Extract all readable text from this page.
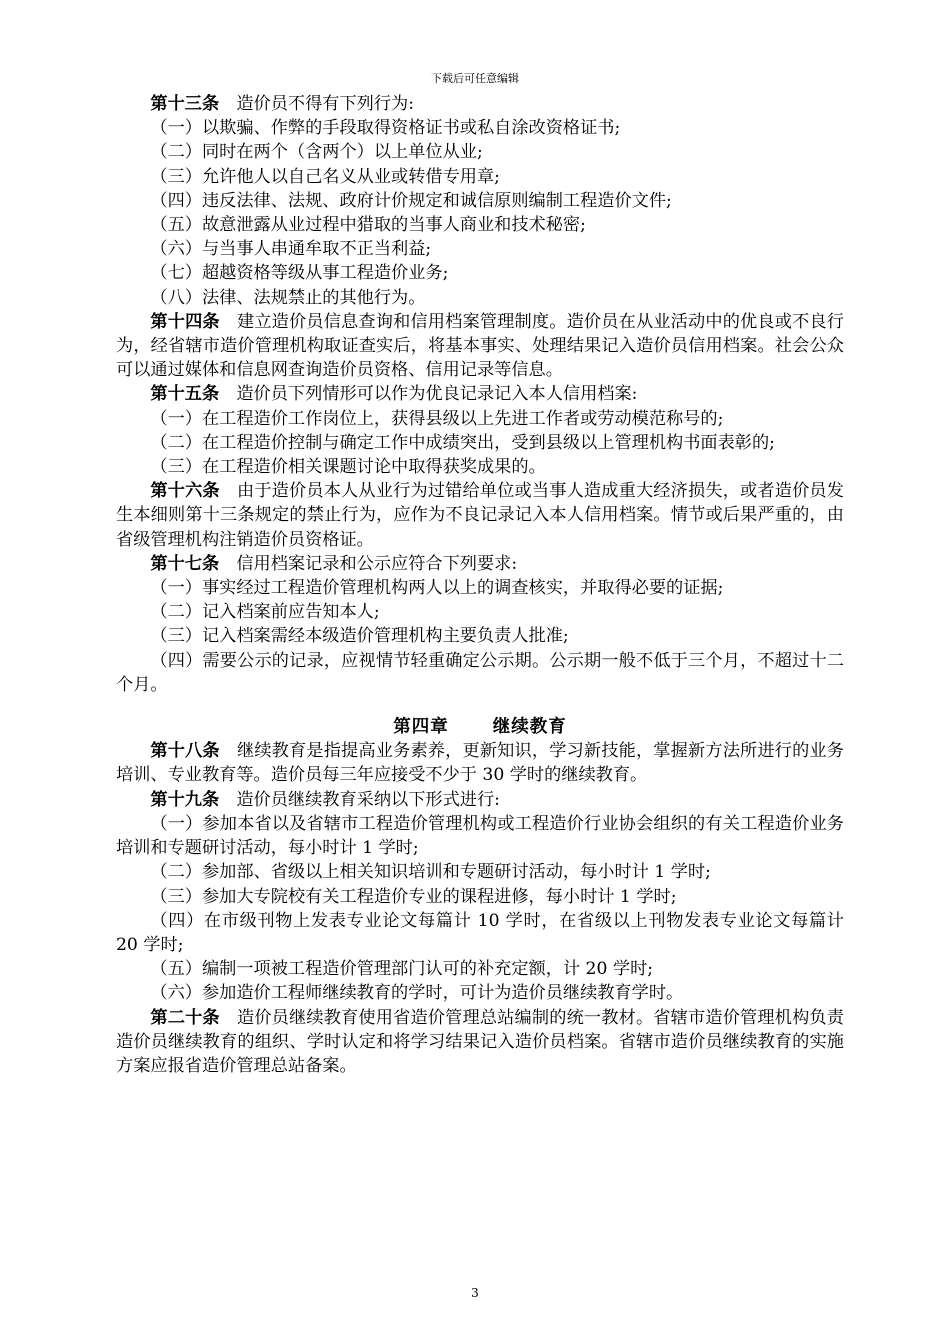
下载后可任意编辑

第十三条 造价员不得有下列行为:

（一）以欺骗、作弊的手段取得资格证书或私自涂改资格证书;

（二）同时在两个（含两个）以上单位从业;

（三）允许他人以自己名义从业或转借专用章;

（四）违反法律、法规、政府计价规定和诚信原则编制工程造价文件;

（五）故意泄露从业过程中猎取的当事人商业和技术秘密;

（六）与当事人串通牟取不正当利益;

（七）超越资格等级从事工程造价业务;

（八）法律、法规禁止的其他行为。

第十四条 建立造价员信息查询和信用档案管理制度。造价员在从业活动中的优良或不良行为，经省辖市造价管理机构取证查实后，将基本事实、处理结果记入造价员信用档案。社会公众可以通过媒体和信息网查询造价员资格、信用记录等信息。

第十五条 造价员下列情形可以作为优良记录记入本人信用档案:

（一）在工程造价工作岗位上，获得县级以上先进工作者或劳动模范称号的;

（二）在工程造价控制与确定工作中成绩突出，受到县级以上管理机构书面表彰的;

（三）在工程造价相关课题讨论中取得获奖成果的。

第十六条 由于造价员本人从业行为过错给单位或当事人造成重大经济损失，或者造价员发生本细则第十三条规定的禁止行为，应作为不良记录记入本人信用档案。情节或后果严重的，由省级管理机构注销造价员资格证。

第十七条 信用档案记录和公示应符合下列要求:

（一）事实经过工程造价管理机构两人以上的调查核实，并取得必要的证据;

（二）记入档案前应告知本人;

（三）记入档案需经本级造价管理机构主要负责人批准;

（四）需要公示的记录，应视情节轻重确定公示期。公示期一般不低于三个月，不超过十二个月。

第四章	继续教育

第十八条 继续教育是指提高业务素养，更新知识，学习新技能，掌握新方法所进行的业务培训、专业教育等。造价员每三年应接受不少于 30 学时的继续教育。

第十九条 造价员继续教育采纳以下形式进行:

（一）参加本省以及省辖市工程造价管理机构或工程造价行业协会组织的有关工程造价业务培训和专题研讨活动，每小时计 1 学时;

（二）参加部、省级以上相关知识培训和专题研讨活动，每小时计 1 学时;

（三）参加大专院校有关工程造价专业的课程进修，每小时计 1 学时;

（四）在市级刊物上发表专业论文每篇计 10 学时，在省级以上刊物发表专业论文每篇计 20 学时;

（五）编制一项被工程造价管理部门认可的补充定额，计 20 学时;

（六）参加造价工程师继续教育的学时，可计为造价员继续教育学时。

第二十条 造价员继续教育使用省造价管理总站编制的统一教材。省辖市造价管理机构负责造价员继续教育的组织、学时认定和将学习结果记入造价员档案。省辖市造价员继续教育的实施方案应报省造价管理总站备案。

3
